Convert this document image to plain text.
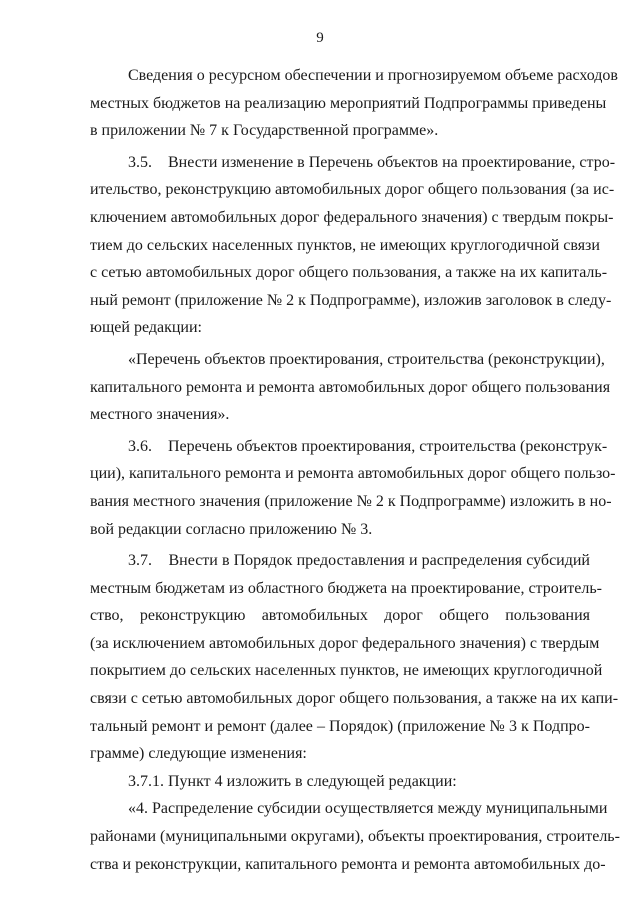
9
Сведения о ресурсном обеспечении и прогнозируемом объеме расходов
местных бюджетов на реализацию мероприятий Подпрограммы приведены
в приложении № 7 к Государственной программе».
3.5.    Внести изменение в Перечень объектов на проектирование, стро-
ительство, реконструкцию автомобильных дорог общего пользования (за ис-
ключением автомобильных дорог федерального значения) с твердым покры-
тием до сельских населенных пунктов, не имеющих круглогодичной связи
с сетью автомобильных дорог общего пользования, а также на их капиталь-
ный ремонт (приложение № 2 к Подпрограмме), изложив заголовок в следу-
ющей редакции:
«Перечень объектов проектирования, строительства (реконструкции),
капитального ремонта и ремонта автомобильных дорог общего пользования
местного значения».
3.6.    Перечень объектов проектирования, строительства (реконструк-
ции), капитального ремонта и ремонта автомобильных дорог общего пользо-
вания местного значения (приложение № 2 к Подпрограмме) изложить в но-
вой редакции согласно приложению № 3.
3.7.    Внести в Порядок предоставления и распределения субсидий
местным бюджетам из областного бюджета на проектирование, строитель-
ство, реконструкцию автомобильных дорог общего пользования
(за исключением автомобильных дорог федерального значения) с твердым
покрытием до сельских населенных пунктов, не имеющих круглогодичной
связи с сетью автомобильных дорог общего пользования, а также на их капи-
тальный ремонт и ремонт (далее – Порядок) (приложение № 3 к Подпро-
грамме) следующие изменения:
3.7.1. Пункт 4 изложить в следующей редакции:
«4. Распределение субсидии осуществляется между муниципальными
районами (муниципальными округами), объекты проектирования, строитель-
ства и реконструкции, капитального ремонта и ремонта автомобильных до-
